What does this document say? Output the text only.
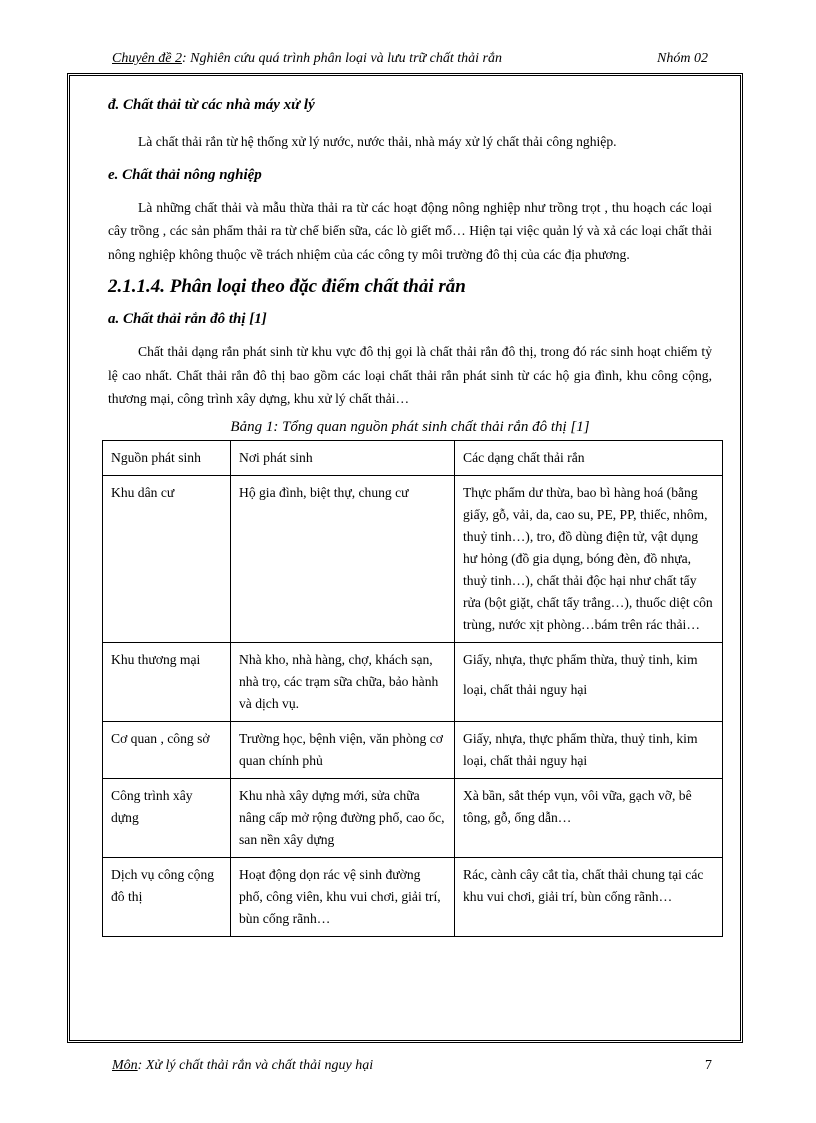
Chuyên đề 2: Nghiên cứu quá trình phân loại và lưu trữ chất thải rắn	Nhóm 02
đ. Chất thải từ các nhà máy xử lý

Là chất thải rắn từ hệ thống xử lý nước, nước thải, nhà máy xử lý chất thải công nghiệp.

e. Chất thải nông nghiệp

Là những chất thải và mẫu thừa thải ra từ các hoạt động nông nghiệp như trồng trọt , thu hoạch các loại cây trồng , các sản phẩm thải ra từ chế biến sữa, các lò giết mổ… Hiện tại việc quản lý và xả các loại chất thải nông nghiệp không thuộc về trách nhiệm của các công ty môi trường đô thị của các địa phương.

2.1.1.4. Phân loại theo đặc điểm chất thải rắn
a. Chất thải rắn đô thị [1]

Chất thải dạng rắn phát sinh từ khu vực đô thị gọi là chất thải rắn đô thị, trong đó rác sinh hoạt chiếm tỷ lệ cao nhất. Chất thải rắn đô thị bao gồm các loại chất thải rắn phát sinh từ các hộ gia đình, khu công cộng, thương mại, công trình xây dựng, khu xử lý chất thải…

Bảng 1: Tổng quan nguồn phát sinh chất thải rắn đô thị [1]
Nguồn phát sinh	Nơi phát sinh	Các dạng chất thải rắn
Khu dân cư	Hộ gia đình, biệt thự, chung cư	Thực phẩm dư thừa, bao bì hàng hoá (bằng giấy, gỗ, vải, da, cao su, PE, PP, thiếc, nhôm, thuỷ tinh…), tro, đồ dùng điện tử, vật dụng hư hỏng (đồ gia dụng, bóng đèn, đồ nhựa, thuỷ tinh…), chất thải độc hại như chất tẩy rửa (bột giặt, chất tẩy trắng…), thuốc diệt côn trùng, nước xịt phòng…bám trên rác thải…

Khu thương mại	Nhà kho, nhà hàng, chợ, khách sạn, nhà trọ, các trạm sữa chữa, bảo hành và dịch vụ.	Giấy, nhựa, thực phẩm thừa, thuỷ tinh, kim
loại, chất thải nguy hại

Cơ quan , công sở	Trường học, bệnh viện, văn phòng cơ quan chính phủ	Giấy, nhựa, thực phẩm thừa, thuỷ tinh, kim loại, chất thải nguy hại

Công trình xây dựng	Khu nhà xây dựng mới, sửa chữa nâng cấp mở rộng đường phố, cao ốc, san nền xây dựng	Xà bần, sắt thép vụn, vôi vữa, gạch vỡ, bê tông, gỗ, ống dẫn…

Dịch vụ công cộng đô thị	Hoạt động dọn rác vệ sinh đường phố, công viên, khu vui chơi, giải trí, bùn cống rãnh…	Rác, cành cây cắt tỉa, chất thải chung tại các khu vui chơi, giải trí, bùn cống rãnh…
Môn: Xử lý chất thải rắn và chất thải nguy hại	7
